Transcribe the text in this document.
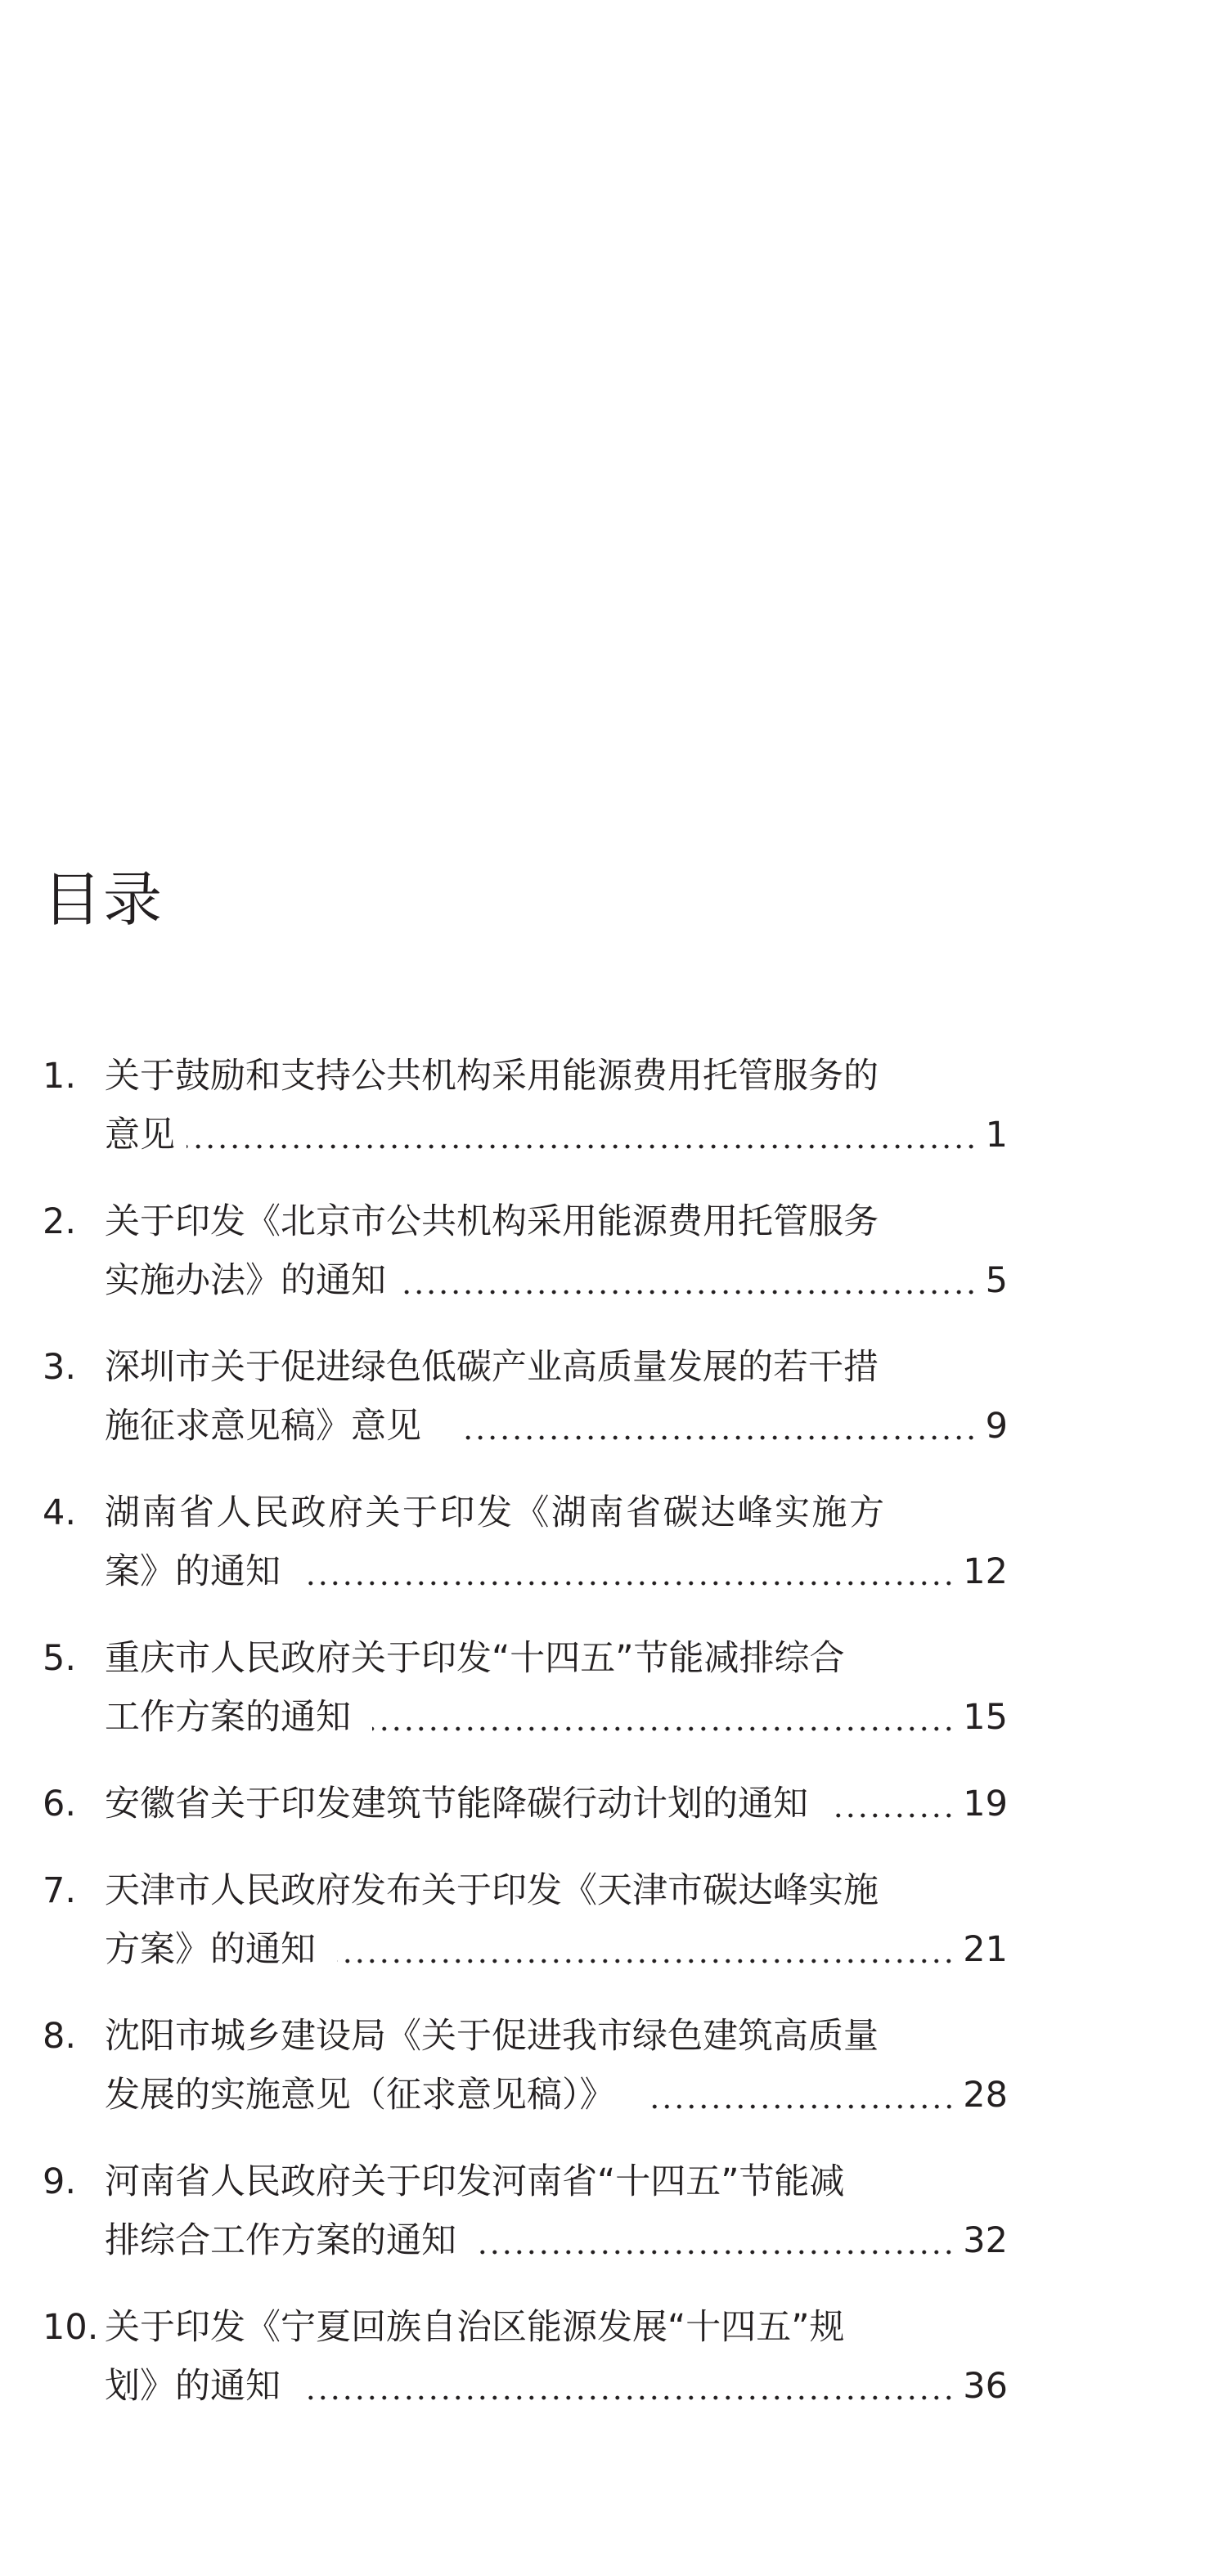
目录
1. 关于鼓励和支持公共机构采用能源费用托管服务的
意见	1
2. 关于印发《北京市公共机构采用能源费用托管服务
实施办法》的通知	5
3. 深圳市关于促进绿色低碳产业高质量发展的若干措
施征求意见稿》意见	9
4. 湖南省人民政府关于印发《湖南省碳达峰实施方
案》的通知	12
5. 重庆市人民政府关于印发“十四五”节能减排综合
工作方案的通知	15
6. 安徽省关于印发建筑节能降碳行动计划的通知	19
7. 天津市人民政府发布关于印发《天津市碳达峰实施
方案》的通知	21
8. 沈阳市城乡建设局《关于促进我市绿色建筑高质量
发展的实施意见（征求意见稿）》	28
9. 河南省人民政府关于印发河南省“十四五”节能减
排综合工作方案的通知	32
10. 关于印发《宁夏回族自治区能源发展“十四五”规
划》的通知	36
